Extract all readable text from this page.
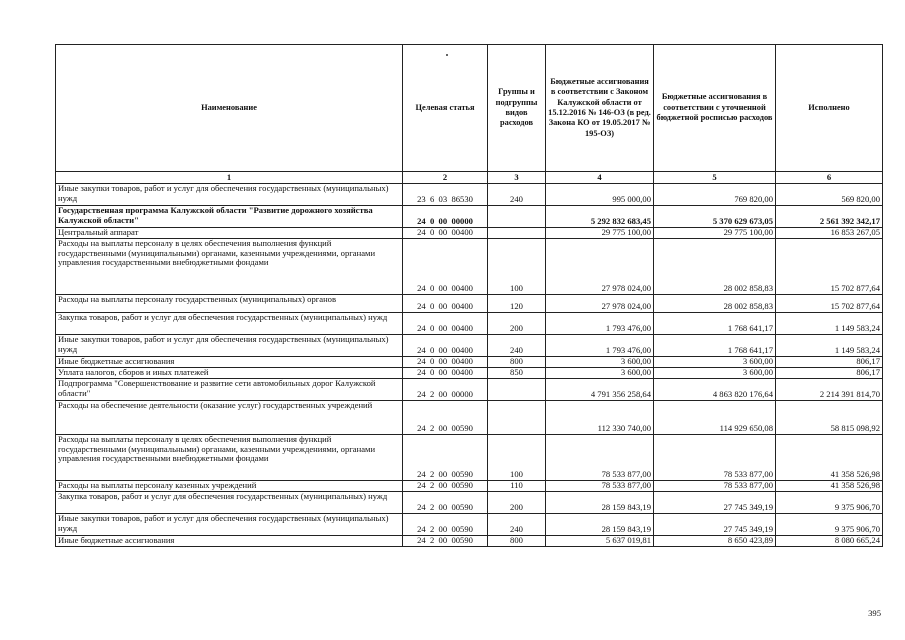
Наименование	Целевая статья	Группы и подгруппы видов расходов	Бюджетные ассигнования в соответствии с Законом Калужской области от 15.12.2016 № 146-ОЗ (в ред. Закона КО от 19.05.2017 № 195-ОЗ)	Бюджетные ассигнования в соответствии с уточненной бюджетной росписью расходов	Исполнено
1	2	3	4	5	6
Иные закупки товаров, работ и услуг для обеспечения государственных (муниципальных) нужд	23  6  03  86530	240	995 000,00	769 820,00	569 820,00
Государственная программа Калужской области "Развитие дорожного хозяйства Калужской области"	24  0  00  00000		5 292 832 683,45	5 370 629 673,05	2 561 392 342,17
Центральный аппарат	24  0  00  00400		29 775 100,00	29 775 100,00	16 853 267,05
Расходы на выплаты персоналу в целях обеспечения выполнения функций государственными (муниципальными) органами, казенными учреждениями, органами управления государственными внебюджетными фондами	24  0  00  00400	100	27 978 024,00	28 002 858,83	15 702 877,64
Расходы на выплаты персоналу государственных (муниципальных) органов	24  0  00  00400	120	27 978 024,00	28 002 858,83	15 702 877,64
Закупка товаров, работ и услуг для обеспечения государственных (муниципальных) нужд	24  0  00  00400	200	1 793 476,00	1 768 641,17	1 149 583,24
Иные закупки товаров, работ и услуг для обеспечения государственных (муниципальных) нужд	24  0  00  00400	240	1 793 476,00	1 768 641,17	1 149 583,24
Иные бюджетные ассигнования	24  0  00  00400	800	3 600,00	3 600,00	806,17
Уплата налогов, сборов и иных платежей	24  0  00  00400	850	3 600,00	3 600,00	806,17
Подпрограмма "Совершенствование и развитие сети автомобильных дорог Калужской области"	24  2  00  00000		4 791 356 258,64	4 863 820 176,64	2 214 391 814,70
Расходы на обеспечение деятельности (оказание услуг) государственных учреждений	24  2  00  00590		112 330 740,00	114 929 650,08	58 815 098,92
Расходы на выплаты персоналу в целях обеспечения выполнения функций государственными (муниципальными) органами, казенными учреждениями, органами управления государственными внебюджетными фондами	24  2  00  00590	100	78 533 877,00	78 533 877,00	41 358 526,98
Расходы на выплаты персоналу казенных учреждений	24  2  00  00590	110	78 533 877,00	78 533 877,00	41 358 526,98
Закупка товаров, работ и услуг для обеспечения государственных (муниципальных) нужд	24  2  00  00590	200	28 159 843,19	27 745 349,19	9 375 906,70
Иные закупки товаров, работ и услуг для обеспечения государственных (муниципальных) нужд	24  2  00  00590	240	28 159 843,19	27 745 349,19	9 375 906,70
Иные бюджетные ассигнования	24  2  00  00590	800	5 637 019,81	8 650 423,89	8 080 665,24
395
